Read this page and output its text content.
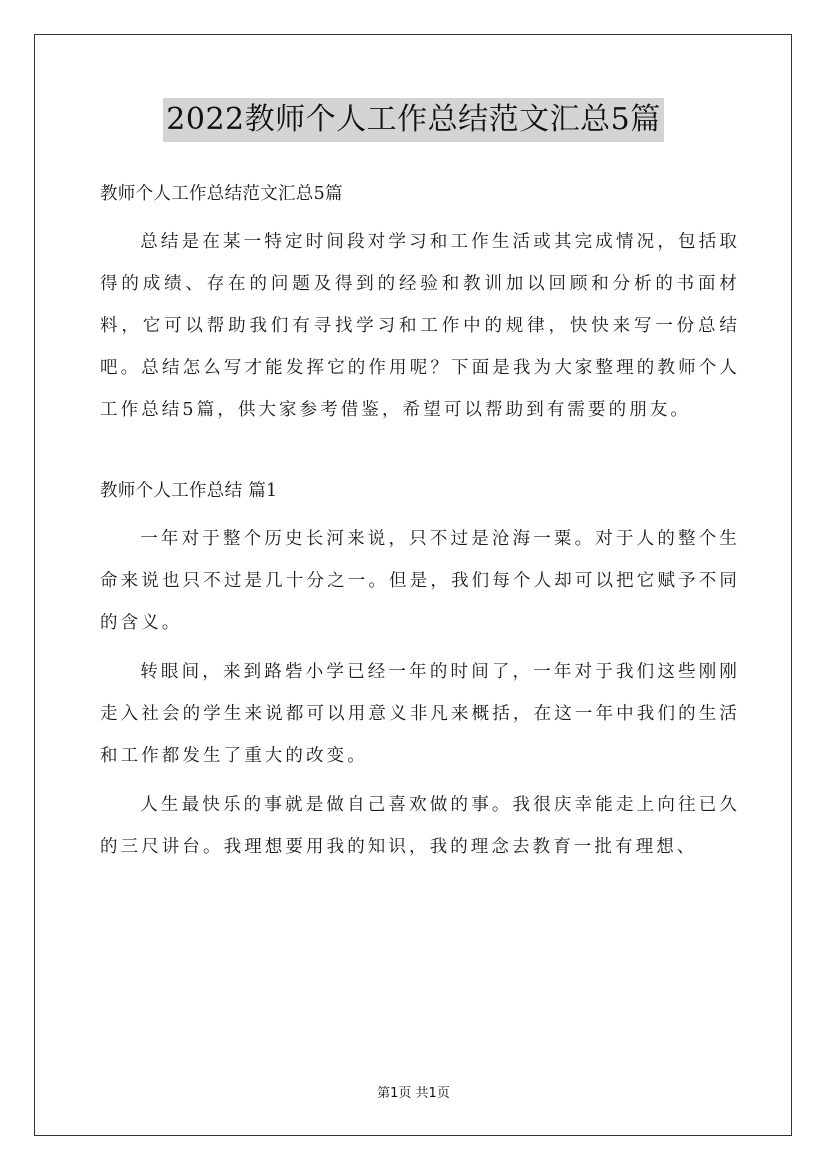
2022教师个人工作总结范文汇总5篇

教师个人工作总结范文汇总5篇

总结是在某一特定时间段对学习和工作生活或其完成情况，包括取得的成绩、存在的问题及得到的经验和教训加以回顾和分析的书面材料，它可以帮助我们有寻找学习和工作中的规律，快快来写一份总结吧。总结怎么写才能发挥它的作用呢？下面是我为大家整理的教师个人工作总结5篇，供大家参考借鉴，希望可以帮助到有需要的朋友。

教师个人工作总结 篇1

一年对于整个历史长河来说，只不过是沧海一粟。对于人的整个生命来说也只不过是几十分之一。但是，我们每个人却可以把它赋予不同的含义。

转眼间，来到路砦小学已经一年的时间了，一年对于我们这些刚刚走入社会的学生来说都可以用意义非凡来概括，在这一年中我们的生活和工作都发生了重大的改变。

人生最快乐的事就是做自己喜欢做的事。我很庆幸能走上向往已久的三尺讲台。我理想要用我的知识，我的理念去教育一批有理想、

第1页 共1页
